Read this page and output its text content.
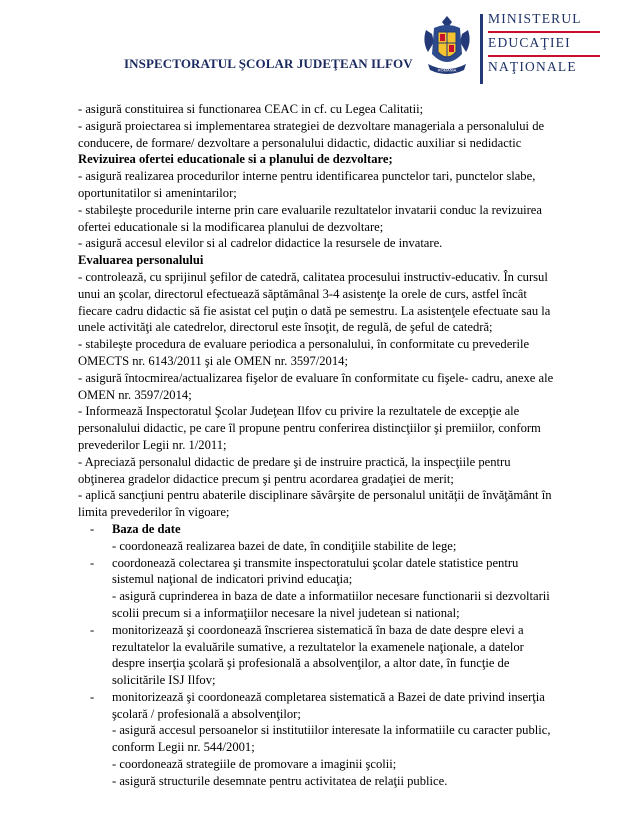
INSPECTORATUL ŞCOLAR JUDEŢEAN ILFOV	ROMANIA
MINISTERUL
EDUCAŢIEI
NAŢIONALE

- asigură constituirea si functionarea CEAC in cf. cu Legea Calitatii;

- asigură proiectarea si implementarea strategiei de dezvoltare manageriala a personalului de conducere, de formare/ dezvoltare a personalului didactic, didactic auxiliar si nedidactic

Revizuirea ofertei educationale si a planului de dezvoltare;

- asigură realizarea procedurilor interne pentru identificarea punctelor tari, punctelor slabe, oportunitatilor si amenintarilor;

- stabileşte procedurile interne prin care evaluarile rezultatelor invatarii conduc la revizuirea ofertei educationale si la modificarea planului de dezvoltare;

- asigură accesul elevilor si al cadrelor didactice la resursele de invatare.

Evaluarea personalului

- controlează, cu sprijinul şefilor de catedră, calitatea procesului instructiv-educativ. În cursul unui an şcolar, directorul efectuează săptămânal 3-4 asistenţe la orele de curs, astfel încât fiecare cadru didactic să fie asistat cel puţin o dată pe semestru. La asistenţele efectuate sau la unele activităţi ale catedrelor, directorul este însoţit, de regulă, de şeful de catedră;

- stabileşte procedura de evaluare periodica a personalului, în conformitate cu prevederile OMECTS nr. 6143/2011 şi ale OMEN nr. 3597/2014;

- asigură întocmirea/actualizarea fişelor de evaluare în conformitate cu fişele- cadru, anexe ale OMEN nr. 3597/2014;

- Informează Inspectoratul Şcolar Judeţean Ilfov cu privire la rezultatele de excepţie ale personalului didactic, pe care îl propune pentru conferirea distincţiilor şi premiilor, conform prevederilor Legii nr. 1/2011;

- Apreciază personalul didactic de predare şi de instruire practică, la inspecţiile pentru obţinerea gradelor didactice precum şi pentru acordarea gradaţiei de merit;

- aplică sancţiuni pentru abaterile disciplinare săvârşite de personalul unităţii de învăţământ în limita prevederilor în vigoare;

- Baza de date

- coordonează realizarea bazei de date, în condiţiile stabilite de lege;

- coordonează colectarea şi transmite inspectoratului şcolar datele statistice pentru sistemul naţional de indicatori privind educaţia;

- asigură cuprinderea in baza de date a informatiilor necesare functionarii si dezvoltarii scolii precum si a informaţiilor necesare la nivel judetean si national;

- monitorizează şi coordonează înscrierea sistematică în baza de date despre elevi a rezultatelor la evaluările sumative, a rezultatelor la examenele naţionale, a datelor despre inserţia şcolară şi profesională a absolvenţilor, a altor date, în funcţie de solicitările ISJ Ilfov;

- monitorizează şi coordonează completarea sistematică a Bazei de date privind inserţia şcolară / profesională a absolvenţilor;

- asigură accesul persoanelor si institutiilor interesate la informatiile cu caracter public, conform Legii nr. 544/2001;

- coordonează strategiile de promovare a imaginii şcolii;

- asigură structurile desemnate pentru activitatea de relaţii publice.
